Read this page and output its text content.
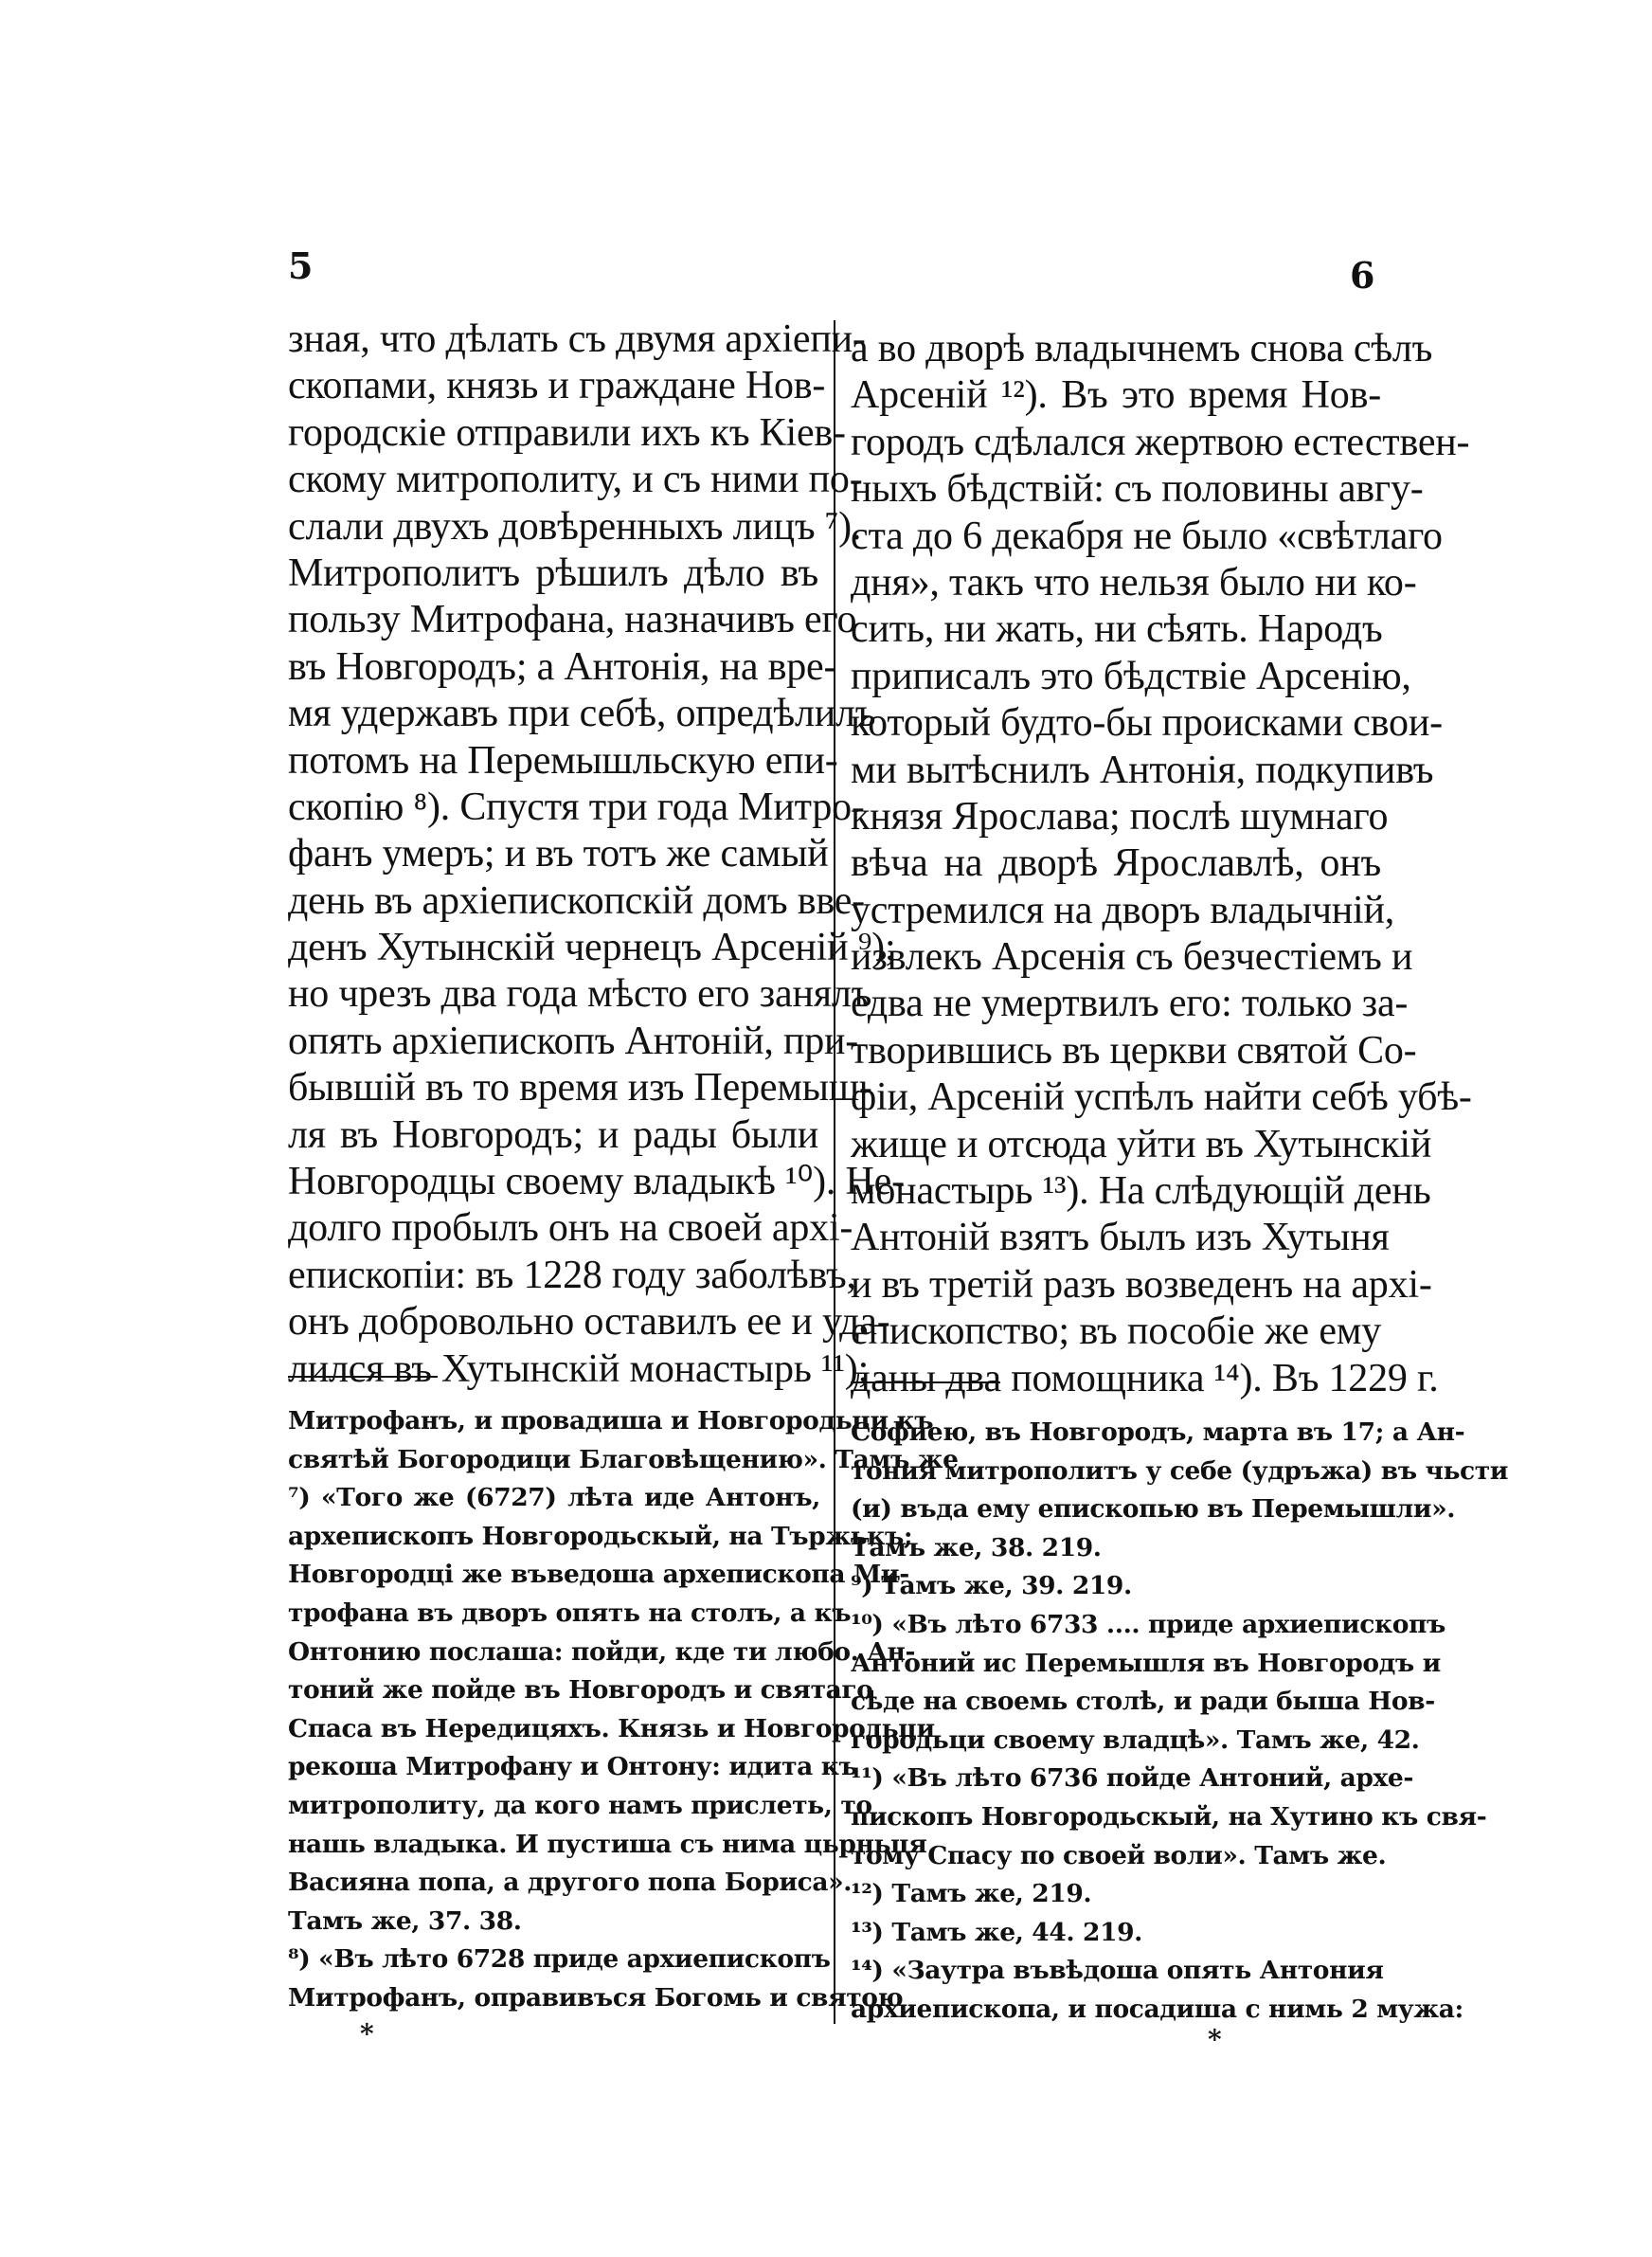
5	6
зная, что дѣлать съ двумя архіепи-
скопами, князь и граждане Нов-
городскіе отправили ихъ къ Кіев-
скому митрополиту, и съ ними по-
слали двухъ довѣренныхъ лицъ ⁷).
Митрополитъ рѣшилъ дѣло въ
пользу Митрофана, назначивъ его
въ Новгородъ; а Антонія, на вре-
мя удержавъ при себѣ, опредѣлилъ
потомъ на Перемышльскую епи-
скопію ⁸). Спустя три года Митро-
фанъ умеръ; и въ тотъ же самый
день въ архіепископскій домъ вве-
денъ Хутынскій чернецъ Арсеній ⁹);
но чрезъ два года мѣсто его занялъ
опять архіепископъ Антоній, при-
бывшій въ то время изъ Перемыш-
ля въ Новгородъ; и рады были
Новгородцы своему владыкѣ ¹⁰). Не-
долго пробылъ онъ на своей архі-
епископіи: въ 1228 году заболѣвъ,
онъ добровольно оставилъ ее и уда-
лился въ Хутынскій монастырь ¹¹);
а во дворѣ владычнемъ снова сѣлъ
Арсеній ¹²). Въ это время Нов-
городъ сдѣлался жертвою естествен-
ныхъ бѣдствій: съ половины авгу-
ста до 6 декабря не было «свѣтлаго
дня», такъ что нельзя было ни ко-
сить, ни жать, ни сѣять. Народъ
приписалъ это бѣдствіе Арсенію,
который будто-бы происками свои-
ми вытѣснилъ Антонія, подкупивъ
князя Ярослава; послѣ шумнаго
вѣча на дворѣ Ярославлѣ, онъ
устремился на дворъ владычній,
извлекъ Арсенія съ безчестіемъ и
едва не умертвилъ его: только за-
творившись въ церкви святой Со-
фіи, Арсеній успѣлъ найти себѣ убѣ-
жище и отсюда уйти въ Хутынскій
монастырь ¹³). На слѣдующій день
Антоній взятъ былъ изъ Хутыня
и въ третій разъ возведенъ на архі-
епископство; въ пособіе же ему
даны два помощника ¹⁴). Въ 1229 г.
Митрофанъ, и провадиша и Новгородьци къ
святѣй Богородици Благовѣщению». Тамъ же
⁷) «Того же (6727) лѣта иде Антонъ,
архепископъ Новгородьскый, на Тържькъ;
Новгородці же въведоша архепископа Ми-
трофана въ дворъ опять на столъ, а къ
Онтонию послаша: пойди, кде ти любо. Ан-
тоний же пойде въ Новгородъ и святаго
Спаса въ Нередицяхъ. Князь и Новгородьци
рекоша Митрофану и Онтону: идита къ
митрополиту, да кого намъ прислеть, то
нашь владыка. И пустиша съ нима цьрньця
Васияна попа, а другого попа Бориса».
Тамъ же, 37. 38.
⁸) «Въ лѣто 6728 приде архиепископъ
Митрофанъ, оправивъся Богомь и святою
Софиею, въ Новгородъ, марта въ 17; а Ан-
тония митрополитъ у себе (удръжа) въ чьсти
(и) въда ему епископью въ Перемышли».
Тамъ же, 38. 219.
⁹) Тамъ же, 39. 219.
¹⁰) «Въ лѣто 6733 .... приде архиепископъ
Антоний ис Перемышля въ Новгородъ и
сѣде на своемь столѣ, и ради быша Нов-
городьци своему владцѣ». Тамъ же, 42.
¹¹) «Въ лѣто 6736 пойде Антоний, архе-
пископъ Новгородьскый, на Хутино къ свя-
тому Спасу по своей воли». Тамъ же.
¹²) Тамъ же, 219.
¹³) Тамъ же, 44. 219.
¹⁴) «Заутра въвѣдоша опять Антония
архиепископа, и посадиша с нимь 2 мужа:
*	*
